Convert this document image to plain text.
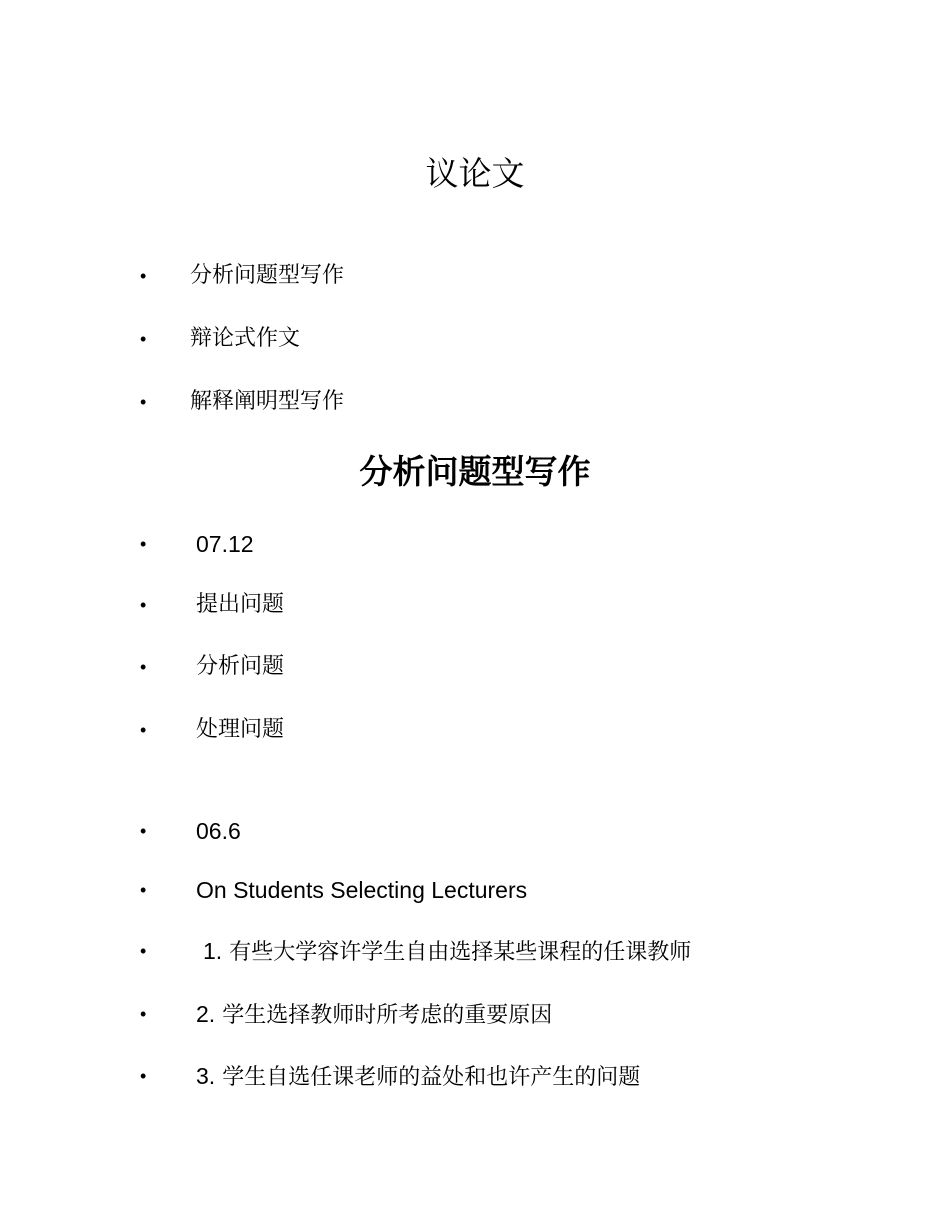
议论文
• 分析问题型写作
• 辩论式作文
• 解释阐明型写作
分析问题型写作
• 07.12
• 提出问题
• 分析问题
• 处理问题
• 06.6
• On Students Selecting Lecturers
• 1. 有些大学容许学生自由选择某些课程的任课教师
• 2. 学生选择教师时所考虑的重要原因
• 3. 学生自选任课老师的益处和也许产生的问题
